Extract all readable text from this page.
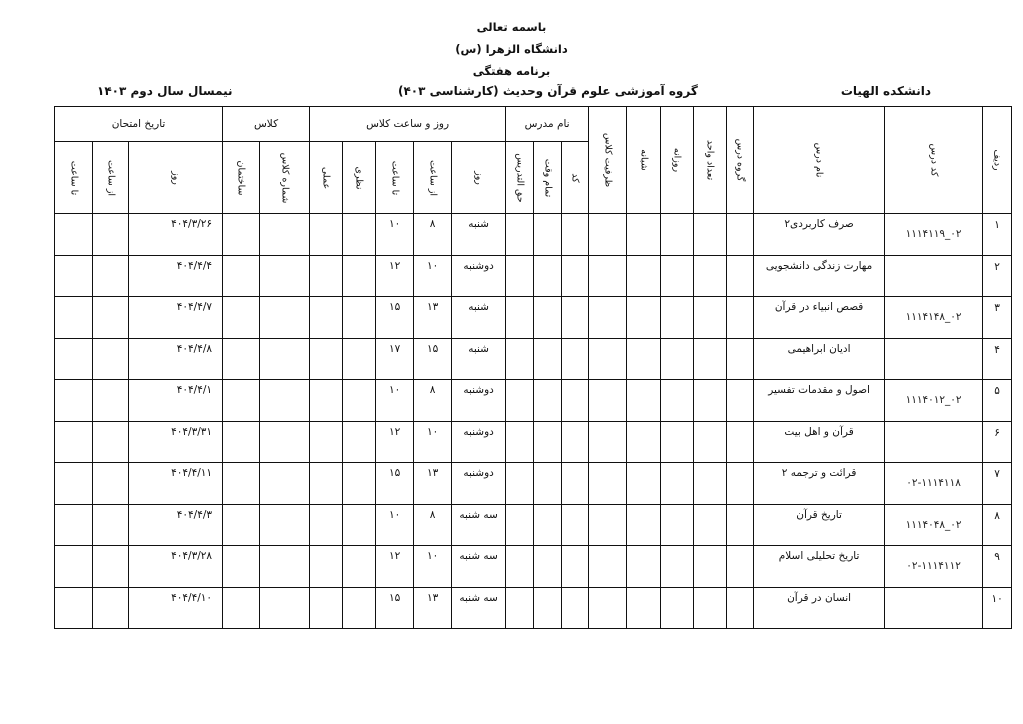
باسمه تعالی
دانشگاه الزهرا (س)
برنامه هفتگی
دانشکده الهیات
گروه آموزشی علوم قرآن وحدیث (کارشناسی ۴۰۳)
نیمسال سال دوم ۱۴۰۳
ردیف	کد درس	نام درس	گروه درس	تعداد واحد	روزانه	شبانه	ظرفیت کلاس	نام مدرس			روز و ساعت کلاس					کلاس		تاریخ امتحان		

								کد	تمام وقت	حق التدریس	روز	از ساعت	تا ساعت	نظری	عملی	شماره کلاس	ساختمان	روز	از ساعت	تا ساعت

۱	۰۲_۱۱۱۴۱۱۹	صرف کاربردی۲									شنبه	۸	۱۰					۴۰۴/۳/۲۶		
۲		مهارت زندگی دانشجویی									دوشنبه	۱۰	۱۲					۴۰۴/۴/۴		
۳	۰۲_۱۱۱۴۱۴۸	قصص انبیاء در قرآن									شنبه	۱۳	۱۵					۴۰۴/۴/۷		
۴		ادیان ابراهیمی									شنبه	۱۵	۱۷					۴۰۴/۴/۸		
۵	۰۲_۱۱۱۴۰۱۲	اصول و مقدمات تفسیر									دوشنبه	۸	۱۰					۴۰۴/۴/۱		
۶		قرآن و اهل بیت									دوشنبه	۱۰	۱۲					۴۰۴/۳/۳۱		
۷	۰۲-۱۱۱۴۱۱۸	قرائت و ترجمه ۲									دوشنبه	۱۳	۱۵					۴۰۴/۴/۱۱		
۸	۰۲_۱۱۱۴۰۴۸	تاریخ قرآن									سه شنبه	۸	۱۰					۴۰۴/۴/۳		
۹	۰۲-۱۱۱۴۱۱۲	تاریخ تحلیلی اسلام									سه شنبه	۱۰	۱۲					۴۰۴/۳/۲۸		
۱۰		انسان در قرآن									سه شنبه	۱۳	۱۵					۴۰۴/۴/۱۰		
